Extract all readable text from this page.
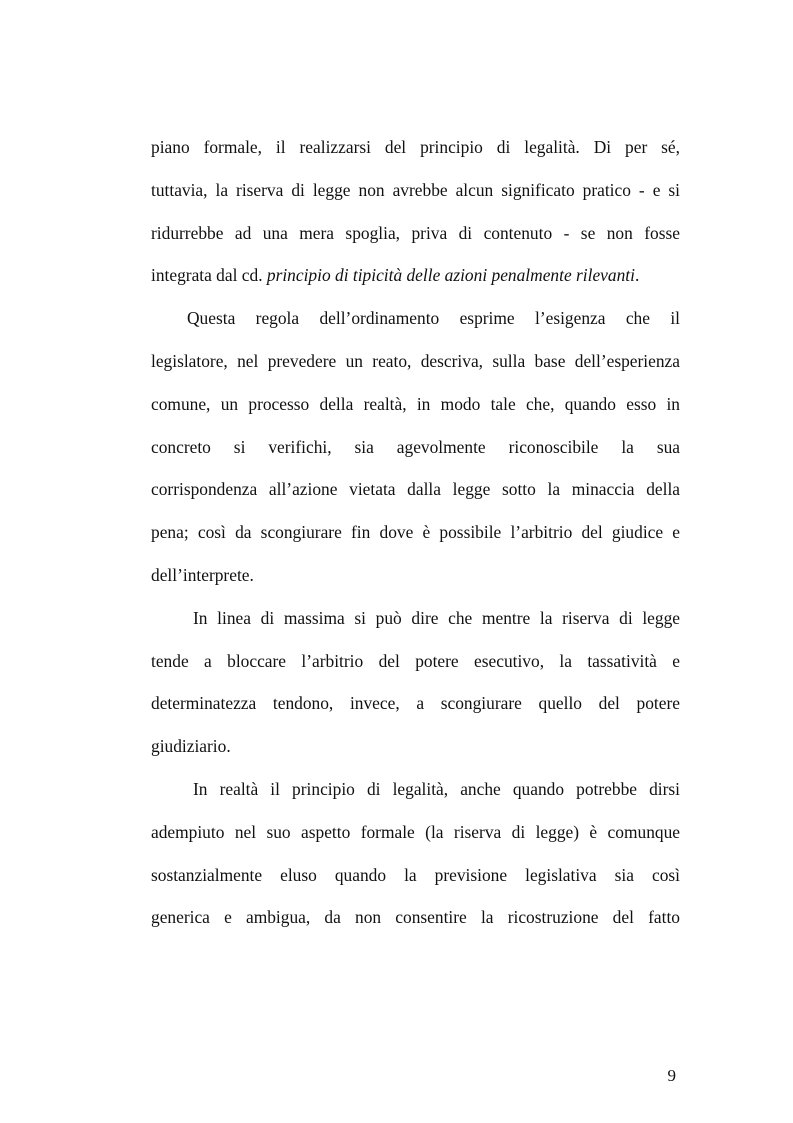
piano formale, il realizzarsi del principio di legalità. Di per sé,
tuttavia, la riserva di legge non avrebbe alcun significato pratico - e si
ridurrebbe ad una mera spoglia, priva di contenuto - se non fosse
integrata dal cd. principio di tipicità delle azioni penalmente rilevanti.
Questa regola dell’ordinamento esprime l’esigenza che il
legislatore, nel prevedere un reato, descriva, sulla base dell’esperienza
comune, un processo della realtà, in modo tale che, quando esso in
concreto si verifichi, sia agevolmente riconoscibile la sua
corrispondenza all’azione vietata dalla legge sotto la minaccia della
pena; così da scongiurare fin dove è possibile l’arbitrio del giudice e
dell’interprete.
In linea di massima si può dire che mentre la riserva di legge
tende a bloccare l’arbitrio del potere esecutivo, la tassatività e
determinatezza tendono, invece, a scongiurare quello del potere
giudiziario.
In realtà il principio di legalità, anche quando potrebbe dirsi
adempiuto nel suo aspetto formale (la riserva di legge) è comunque
sostanzialmente eluso quando la previsione legislativa sia così
generica e ambigua, da non consentire la ricostruzione del fatto
9
